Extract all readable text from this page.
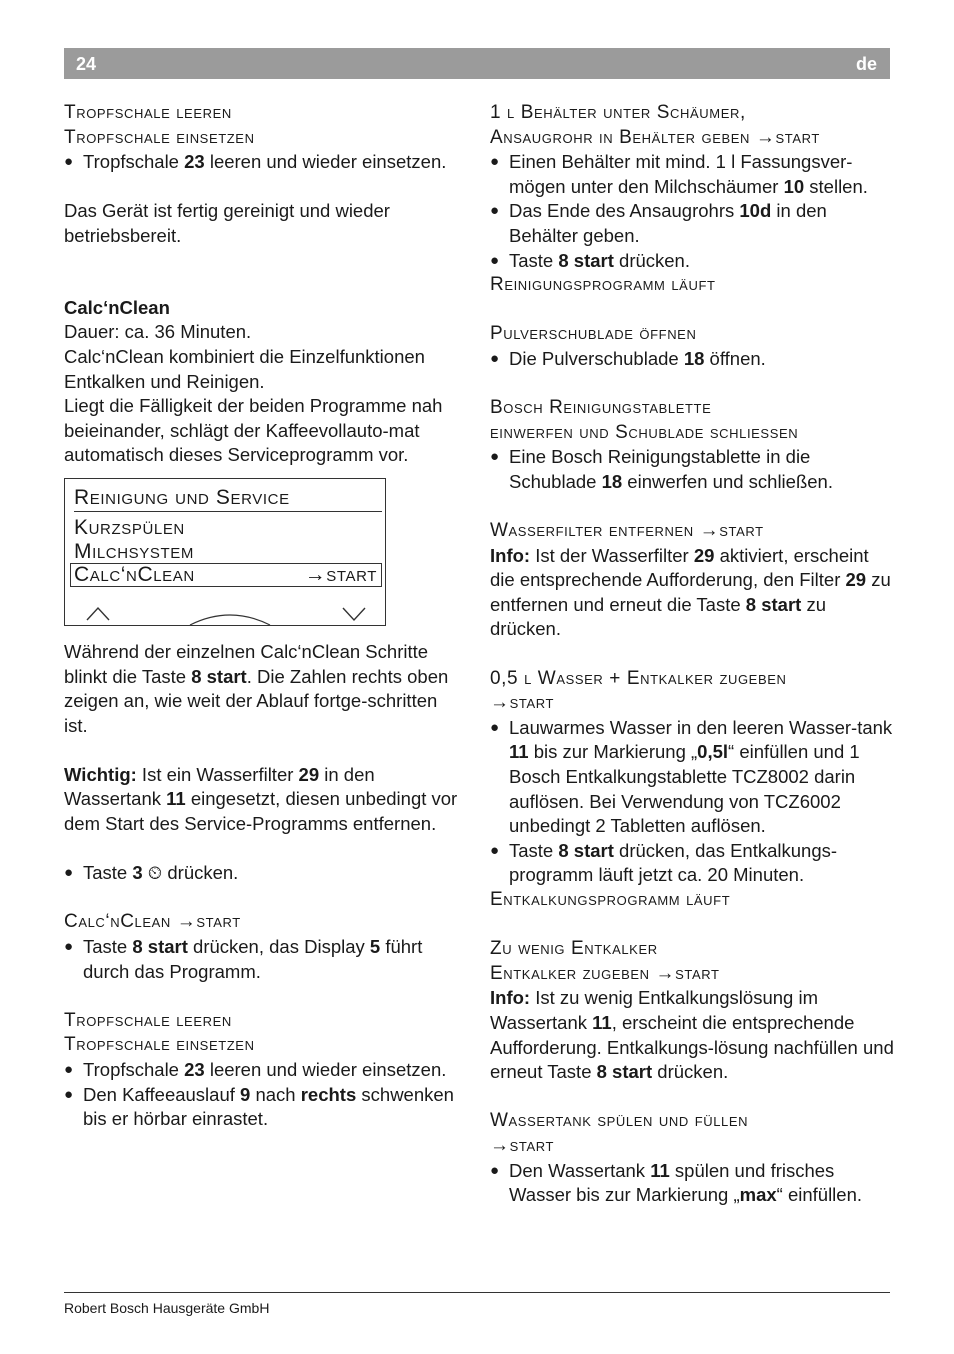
24	de
Tropfschale leeren
Tropfschale einsetzen
● Tropfschale 23 leeren und wieder einsetzen.
Das Gerät ist fertig gereinigt und wieder betriebsbereit.
Calc‘nClean
Dauer: ca. 36 Minuten.
Calc‘nClean kombiniert die Einzelfunktionen Entkalken und Reinigen.
Liegt die Fälligkeit der beiden Programme nah beieinander, schlägt der Kaffeevollauto-mat automatisch dieses Serviceprogramm vor.
Reinigung und Service
Kurzspülen
Milchsystem
Calc‘nClean	→start
Während der einzelnen Calc‘nClean Schritte blinkt die Taste 8 start. Die Zahlen rechts oben zeigen an, wie weit der Ablauf fortge-schritten ist.
Wichtig: Ist ein Wasserfilter 29 in den Wassertank 11 eingesetzt, diesen unbedingt vor dem Start des Service-Programms entfernen.
● Taste 3 ⏲ drücken.
Calc‘nClean →start
● Taste 8 start drücken, das Display 5 führt durch das Programm.
Tropfschale leeren
Tropfschale einsetzen
● Tropfschale 23 leeren und wieder einsetzen.
● Den Kaffeeauslauf 9 nach rechts schwenken bis er hörbar einrastet.
1 l Behälter unter Schäumer,
Ansaugrohr in Behälter geben →start
● Einen Behälter mit mind. 1 l Fassungsver-mögen unter den Milchschäumer 10 stellen.
● Das Ende des Ansaugrohrs 10d in den Behälter geben.
● Taste 8 start drücken.
Reinigungsprogramm läuft
Pulverschublade öffnen
● Die Pulverschublade 18 öffnen.
Bosch Reinigungstablette
einwerfen und Schublade schliessen
● Eine Bosch Reinigungstablette in die Schublade 18 einwerfen und schließen.
Wasserfilter entfernen →start
Info: Ist der Wasserfilter 29 aktiviert, erscheint die entsprechende Aufforderung, den Filter 29 zu entfernen und erneut die Taste 8 start zu drücken.
0,5 l Wasser + Entkalker zugeben
→start
● Lauwarmes Wasser in den leeren Wasser-tank 11 bis zur Markierung „0,5l“ einfüllen und 1 Bosch Entkalkungstablette TCZ8002 darin auflösen. Bei Verwendung von TCZ6002 unbedingt 2 Tabletten auflösen.
● Taste 8 start drücken, das Entkalkungs-programm läuft jetzt ca. 20 Minuten.
Entkalkungsprogramm läuft
Zu wenig Entkalker
Entkalker zugeben →start
Info: Ist zu wenig Entkalkungslösung im Wassertank 11, erscheint die entsprechende Aufforderung. Entkalkungs-lösung nachfüllen und erneut Taste 8 start drücken.
Wassertank spülen und füllen
→start
● Den Wassertank 11 spülen und frisches Wasser bis zur Markierung „max“ einfüllen.
Robert Bosch Hausgeräte GmbH
